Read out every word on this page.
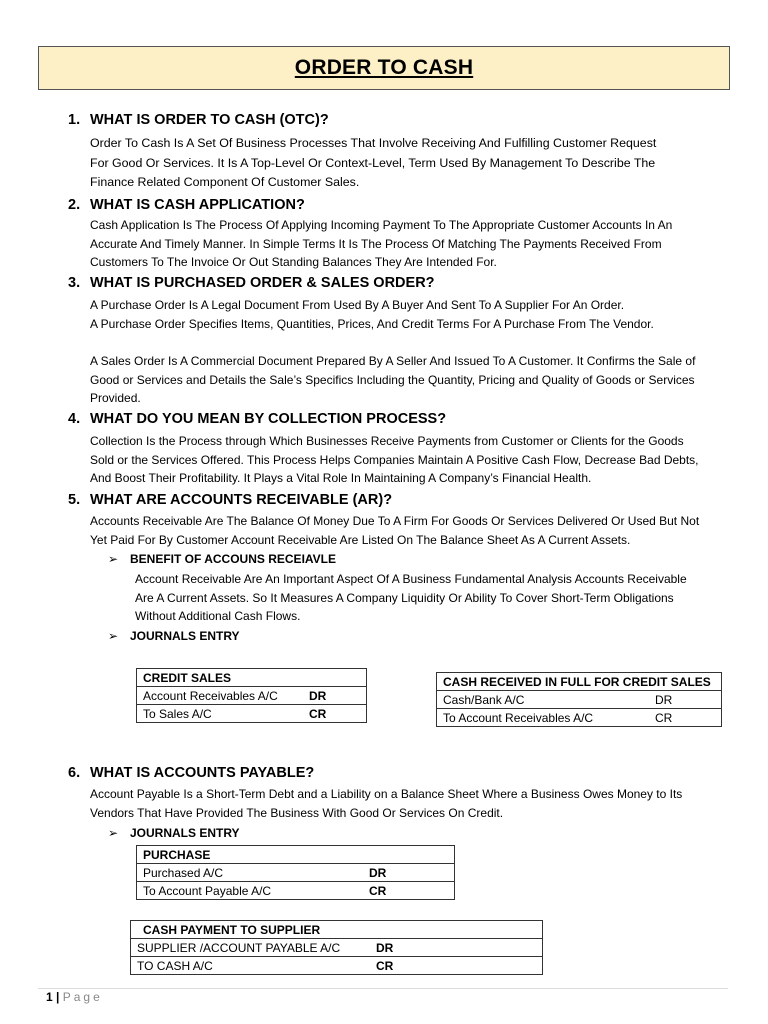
ORDER TO CASH
1. WHAT IS ORDER TO CASH (OTC)?
Order To Cash Is A Set Of Business Processes That Involve Receiving And Fulfilling Customer Request
For Good Or Services. It Is A Top-Level Or Context-Level, Term Used By Management To Describe The
Finance Related Component Of Customer Sales.
2. WHAT IS CASH APPLICATION?
Cash Application Is The Process Of Applying Incoming Payment To The Appropriate Customer Accounts In An
Accurate And Timely Manner. In Simple Terms It Is The Process Of Matching The Payments Received From
Customers To The Invoice Or Out Standing Balances They Are Intended For.
3. WHAT IS PURCHASED ORDER & SALES ORDER?
A Purchase Order Is A Legal Document From Used By A Buyer And Sent To A Supplier For An Order.
A Purchase Order Specifies Items, Quantities, Prices, And Credit Terms For A Purchase From The Vendor.
A Sales Order Is A Commercial Document Prepared By A Seller And Issued To A Customer. It Confirms the Sale of
Good or Services and Details the Sale’s Specifics Including the Quantity, Pricing and Quality of Goods or Services
Provided.
4. WHAT DO YOU MEAN BY COLLECTION PROCESS?
Collection Is the Process through Which Businesses Receive Payments from Customer or Clients for the Goods
Sold or the Services Offered. This Process Helps Companies Maintain A Positive Cash Flow, Decrease Bad Debts,
And Boost Their Profitability. It Plays a Vital Role In Maintaining A Company’s Financial Health.
5. WHAT ARE ACCOUNTS RECEIVABLE (AR)?
Accounts Receivable Are The Balance Of Money Due To A Firm For Goods Or Services Delivered Or Used But Not
Yet Paid For By Customer Account Receivable Are Listed On The Balance Sheet As A Current Assets.
➢ BENEFIT OF ACCOUNS RECEIAVLE
Account Receivable Are An Important Aspect Of A Business Fundamental Analysis Accounts Receivable
Are A Current Assets. So It Measures A Company Liquidity Or Ability To Cover Short-Term Obligations
Without Additional Cash Flows.
➢ JOURNALS ENTRY
CREDIT SALES
Account Receivables A/C	DR

To Sales A/C	CR
CASH RECEIVED IN FULL FOR CREDIT SALES
Cash/Bank A/C	DR

To Account Receivables A/C	CR
6. WHAT IS ACCOUNTS PAYABLE?
Account Payable Is a Short-Term Debt and a Liability on a Balance Sheet Where a Business Owes Money to Its
Vendors That Have Provided The Business With Good Or Services On Credit.
➢ JOURNALS ENTRY
PURCHASE
Purchased A/C	DR

To Account Payable A/C	CR
CASH PAYMENT TO SUPPLIER
SUPPLIER /ACCOUNT PAYABLE A/C	DR

TO CASH A/C	CR
1 | Page
